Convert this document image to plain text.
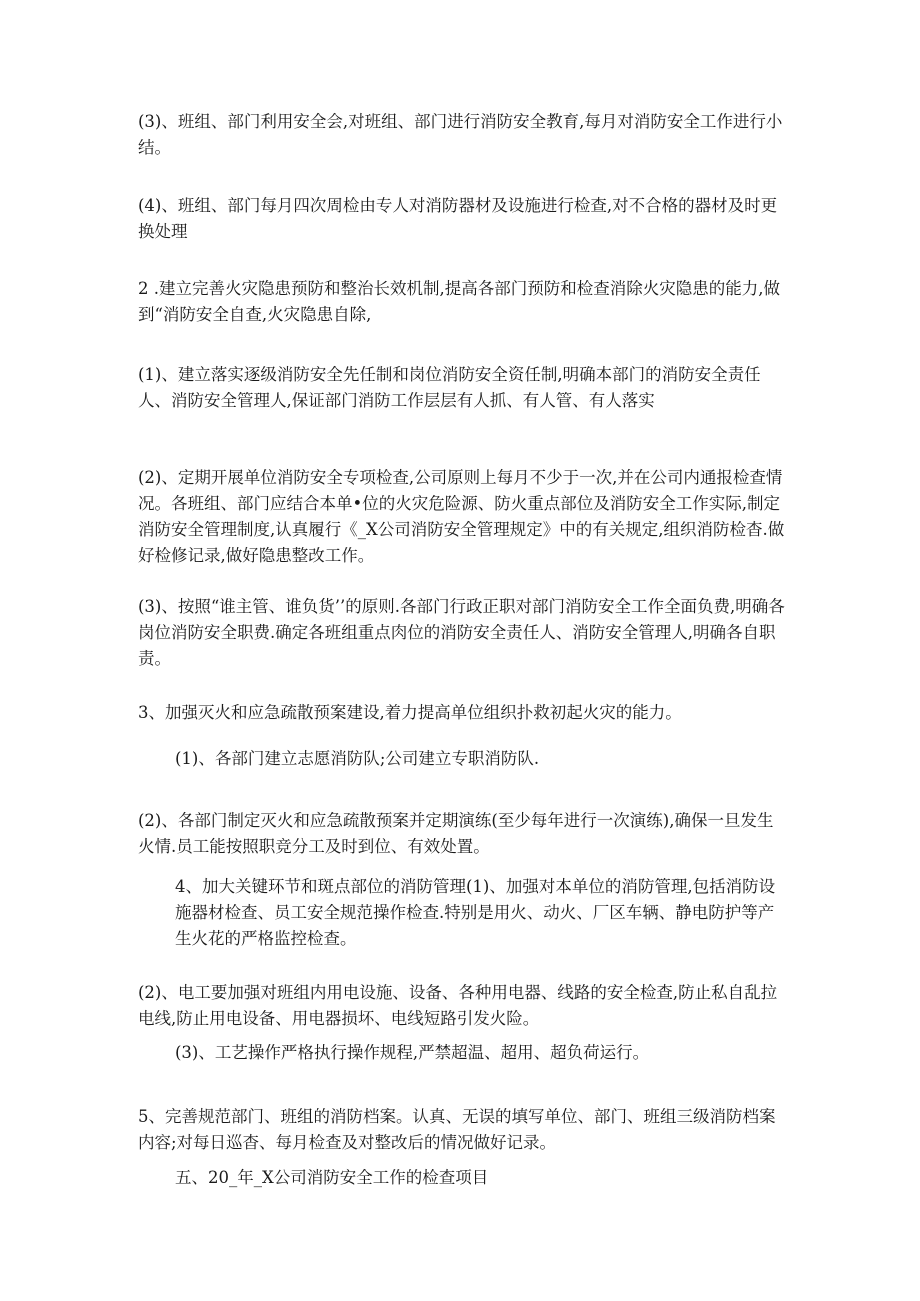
(3)、班组、部门利用安全会,对班组、部门进行消防安全教育,每月对消防安全工作进行小结。

(4)、班组、部门每月四次周检由专人对消防器材及设施进行检查,对不合格的器材及时更换处理

2 .建立完善火灾隐患预防和整治长效机制,提高各部门预防和检查消除火灾隐患的能力,做到“消防安全自查,火灾隐患自除,

(1)、建立落实逐级消防安全先任制和岗位消防安全资任制,明确本部门的消防安全责任人、消防安全管理人,保证部门消防工作层层有人抓、有人管、有人落实

(2)、定期开展单位消防安全专项检查,公司原则上每月不少于一次,并在公司内通报检查情况。各班组、部门应结合本单•位的火灾危险源、防火重点部位及消防安全工作实际,制定消防安全管理制度,认真履行《_X公司消防安全管理规定》中的有关规定,组织消防检杳.做好检修记录,做好隐患整改工作。

(3)、按照“谁主管、谁负货’’的原则.各部门行政正职对部门消防安全工作全面负费,明确各岗位消防安全职费.确定各班组重点肉位的消防安全责任人、消防安全管理人,明确各自职责。

3、加强灭火和应急疏散预案建设,着力提高单位组织扑救初起火灾的能力。

(1)、各部门建立志愿消防队;公司建立专职消防队.

(2)、各部门制定灭火和应急疏散预案并定期演练(至少每年进行一次演练),确保一旦发生火情.员工能按照职竞分工及时到位、有效处置。

4、加大关键环节和斑点部位的消防管理(1)、加强对本单位的消防管理,包括消防设施器材检查、员工安全规范操作检查.特别是用火、动火、厂区车辆、静电防护等产生火花的严格监控检查。

(2)、电工要加强对班组内用电设施、设备、各种用电器、线路的安全检查,防止私自乱拉电线,防止用电设备、用电器损坏、电线短路引发火险。

(3)、工艺操作严格执行操作规程,严禁超温、超用、超负荷运行。

5、完善规范部门、班组的消防档案。认真、无误的填写单位、部门、班组三级消防档案内容;对每日巡杳、每月检查及对整改后的情况做好记录。

五、20_年_X公司消防安全工作的检查项目
